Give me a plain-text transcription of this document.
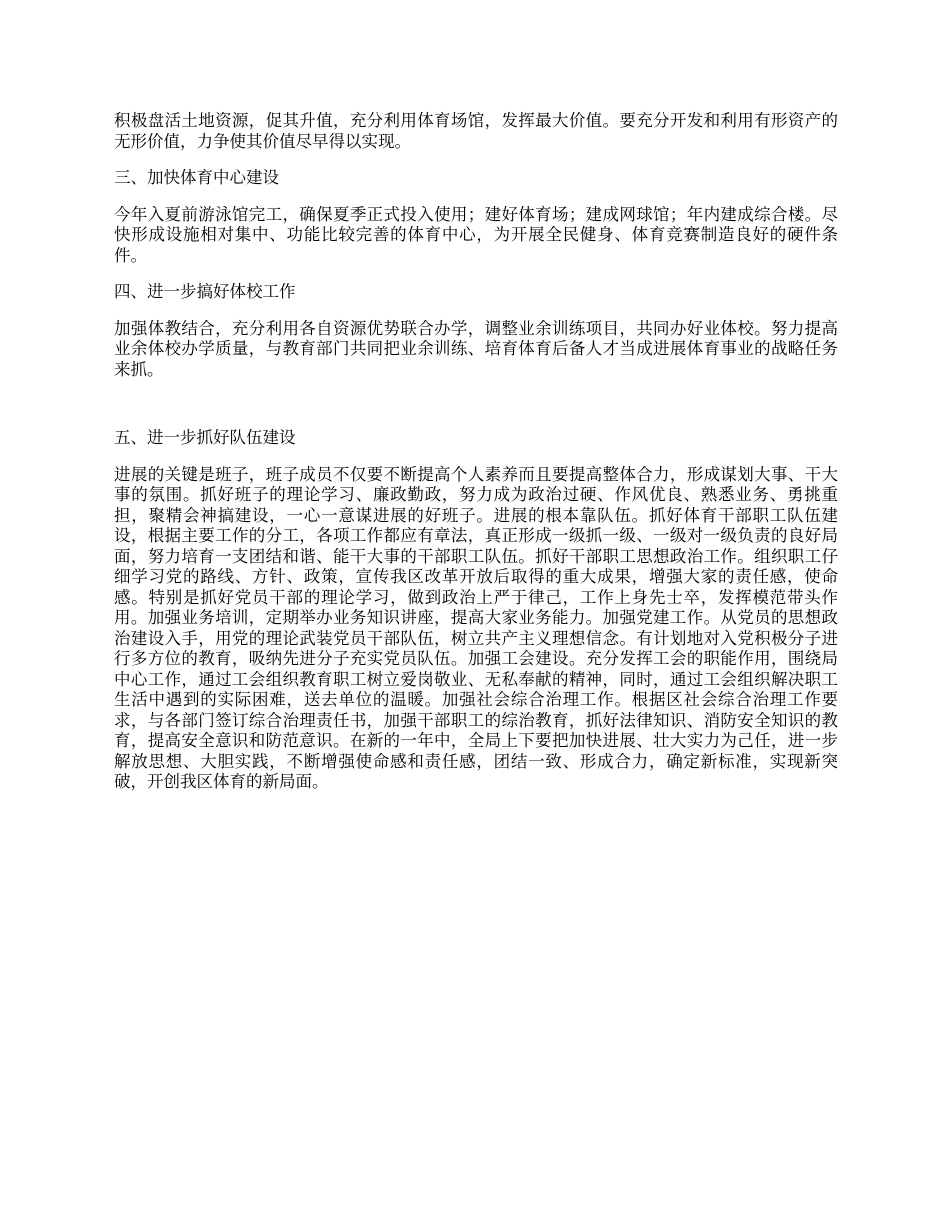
积极盘活土地资源，促其升值，充分利用体育场馆，发挥最大价值。要充分开发和利用有形资产的无形价值，力争使其价值尽早得以实现。

三、加快体育中心建设

今年入夏前游泳馆完工，确保夏季正式投入使用；建好体育场；建成网球馆；年内建成综合楼。尽快形成设施相对集中、功能比较完善的体育中心，为开展全民健身、体育竞赛制造良好的硬件条件。

四、进一步搞好体校工作

加强体教结合，充分利用各自资源优势联合办学，调整业余训练项目，共同办好业体校。努力提高业余体校办学质量，与教育部门共同把业余训练、培育体育后备人才当成进展体育事业的战略任务来抓。

五、进一步抓好队伍建设

进展的关键是班子，班子成员不仅要不断提高个人素养而且要提高整体合力，形成谋划大事、干大事的氛围。抓好班子的理论学习、廉政勤政，努力成为政治过硬、作风优良、熟悉业务、勇挑重担，聚精会神搞建设，一心一意谋进展的好班子。进展的根本靠队伍。抓好体育干部职工队伍建设，根据主要工作的分工，各项工作都应有章法，真正形成一级抓一级、一级对一级负责的良好局面，努力培育一支团结和谐、能干大事的干部职工队伍。抓好干部职工思想政治工作。组织职工仔细学习党的路线、方针、政策，宣传我区改革开放后取得的重大成果，增强大家的责任感，使命感。特别是抓好党员干部的理论学习，做到政治上严于律己，工作上身先士卒，发挥模范带头作用。加强业务培训，定期举办业务知识讲座，提高大家业务能力。加强党建工作。从党员的思想政治建设入手，用党的理论武装党员干部队伍，树立共产主义理想信念。有计划地对入党积极分子进行多方位的教育，吸纳先进分子充实党员队伍。加强工会建设。充分发挥工会的职能作用，围绕局中心工作，通过工会组织教育职工树立爱岗敬业、无私奉献的精神，同时，通过工会组织解决职工生活中遇到的实际困难，送去单位的温暖。加强社会综合治理工作。根据区社会综合治理工作要求，与各部门签订综合治理责任书，加强干部职工的综治教育，抓好法律知识、消防安全知识的教育，提高安全意识和防范意识。在新的一年中，全局上下要把加快进展、壮大实力为己任，进一步解放思想、大胆实践，不断增强使命感和责任感，团结一致、形成合力，确定新标准，实现新突破，开创我区体育的新局面。
